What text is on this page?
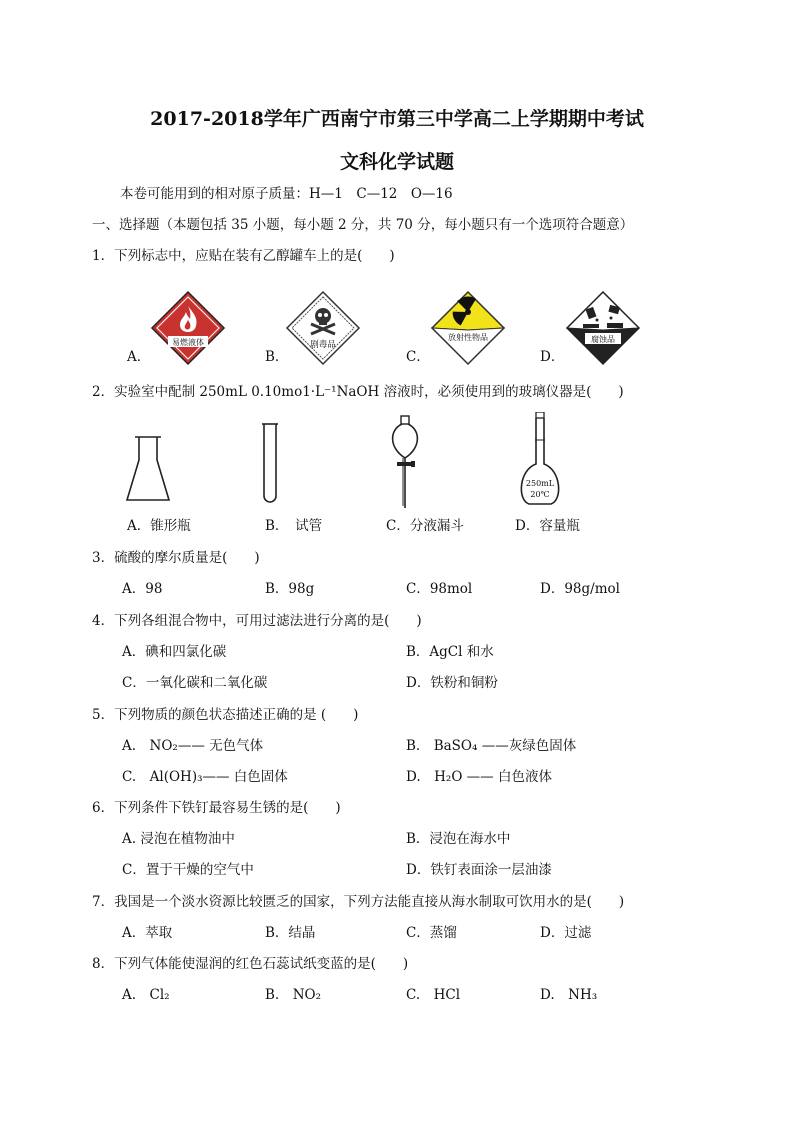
2017-2018学年广西南宁市第三中学高二上学期期中考试
文科化学试题
本卷可能用到的相对原子质量：H—1　C—12　O—16
一、选择题（本题包括 35 小题，每小题 2 分，共 70 分，每小题只有一个选项符合题意）
1．下列标志中，应贴在装有乙醇罐车上的是(　　)
A．	B．	C．	D．
易燃液体	剧毒品
放射性物品	腐蚀品
2．实验室中配制 250mL 0.10mo1·L⁻¹NaOH 溶液时，必须使用到的玻璃仪器是(　　)
250mL
20℃
A．锥形瓶	B．　试管	C．分液漏斗	D．容量瓶
3．硫酸的摩尔质量是(　　)
A．98	B．98g	C．98mol	D．98g/mol
4．下列各组混合物中，可用过滤法进行分离的是(　　)
A．碘和四氯化碳	B．AgCl 和水
C．一氧化碳和二氧化碳	D．铁粉和铜粉
5．下列物质的颜色状态描述正确的是 (　　)
A.　NO₂—— 无色气体	B.　BaSO₄ ——灰绿色固体
C.　Al(OH)₃—— 白色固体	D.　H₂O —— 白色液体
6．下列条件下铁钉最容易生锈的是(　　)
A. 浸泡在植物油中	B．浸泡在海水中
C．置于干燥的空气中	D．铁钉表面涂一层油漆
7．我国是一个淡水资源比较匮乏的国家，下列方法能直接从海水制取可饮用水的是(　　)
A．萃取	B．结晶	C．蒸馏	D．过滤
8．下列气体能使湿润的红色石蕊试纸变蓝的是(　　)
A.　Cl₂	B.　NO₂	C.　HCl	D.　NH₃
